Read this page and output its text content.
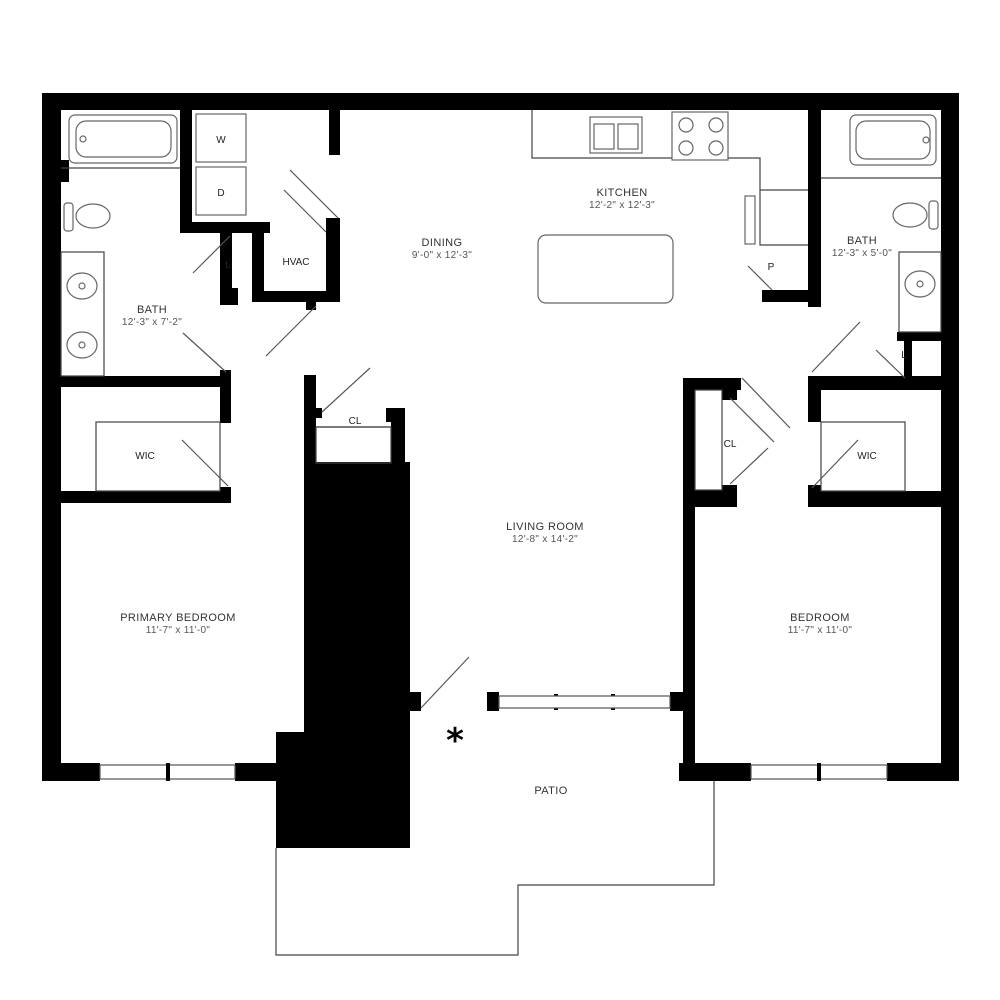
KITCHEN
12'-2" x 12'-3"
DINING
9'-0" x 12'-3"
BATH
12'-3" x 7'-2"
BATH
12'-3" x 5'-0"
LIVING ROOM
12'-8" x 14'-2"
PRIMARY BEDROOM
11'-7" x 11'-0"
BEDROOM
11'-7" x 11'-0"
PATIO
W
D
HVAC
L
L
CL
CL
WIC	WIC
P
*
